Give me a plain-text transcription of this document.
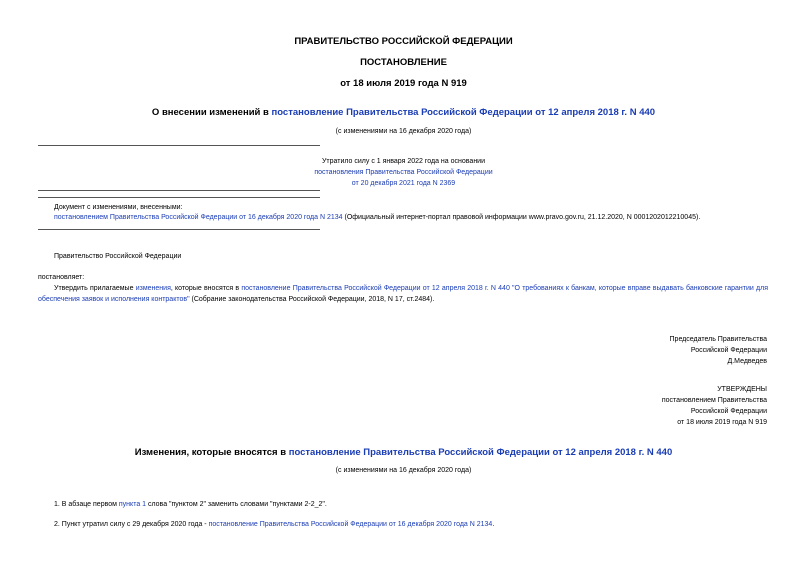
ПРАВИТЕЛЬСТВО РОССИЙСКОЙ ФЕДЕРАЦИИ
ПОСТАНОВЛЕНИЕ
от 18 июля 2019 года N 919
О внесении изменений в постановление Правительства Российской Федерации от 12 апреля 2018 г. N 440
(с изменениями на 16 декабря 2020 года)
Утратило силу с 1 января 2022 года на основании
постановления Правительства Российской Федерации
от 20 декабря 2021 года N 2369
Документ с изменениями, внесенными:
постановлением Правительства Российской Федерации от 16 декабря 2020 года N 2134 (Официальный интернет-портал правовой информации www.pravo.gov.ru, 21.12.2020, N 0001202012210045).
Правительство Российской Федерации
постановляет:
Утвердить прилагаемые изменения, которые вносятся в постановление Правительства Российской Федерации от 12 апреля 2018 г. N 440 "О требованиях к банкам, которые вправе выдавать банковские гарантии для обеспечения заявок и исполнения контрактов" (Собрание законодательства Российской Федерации, 2018, N 17, ст.2484).
Председатель Правительства
Российской Федерации
Д.Медведев
УТВЕРЖДЕНЫ
постановлением Правительства
Российской Федерации
от 18 июля 2019 года N 919
Изменения, которые вносятся в постановление Правительства Российской Федерации от 12 апреля 2018 г. N 440
(с изменениями на 16 декабря 2020 года)
1. В абзаце первом пункта 1 слова "пунктом 2" заменить словами "пунктами 2-2_2".
2. Пункт утратил силу с 29 декабря 2020 года - постановление Правительства Российской Федерации от 16 декабря 2020 года N 2134.
